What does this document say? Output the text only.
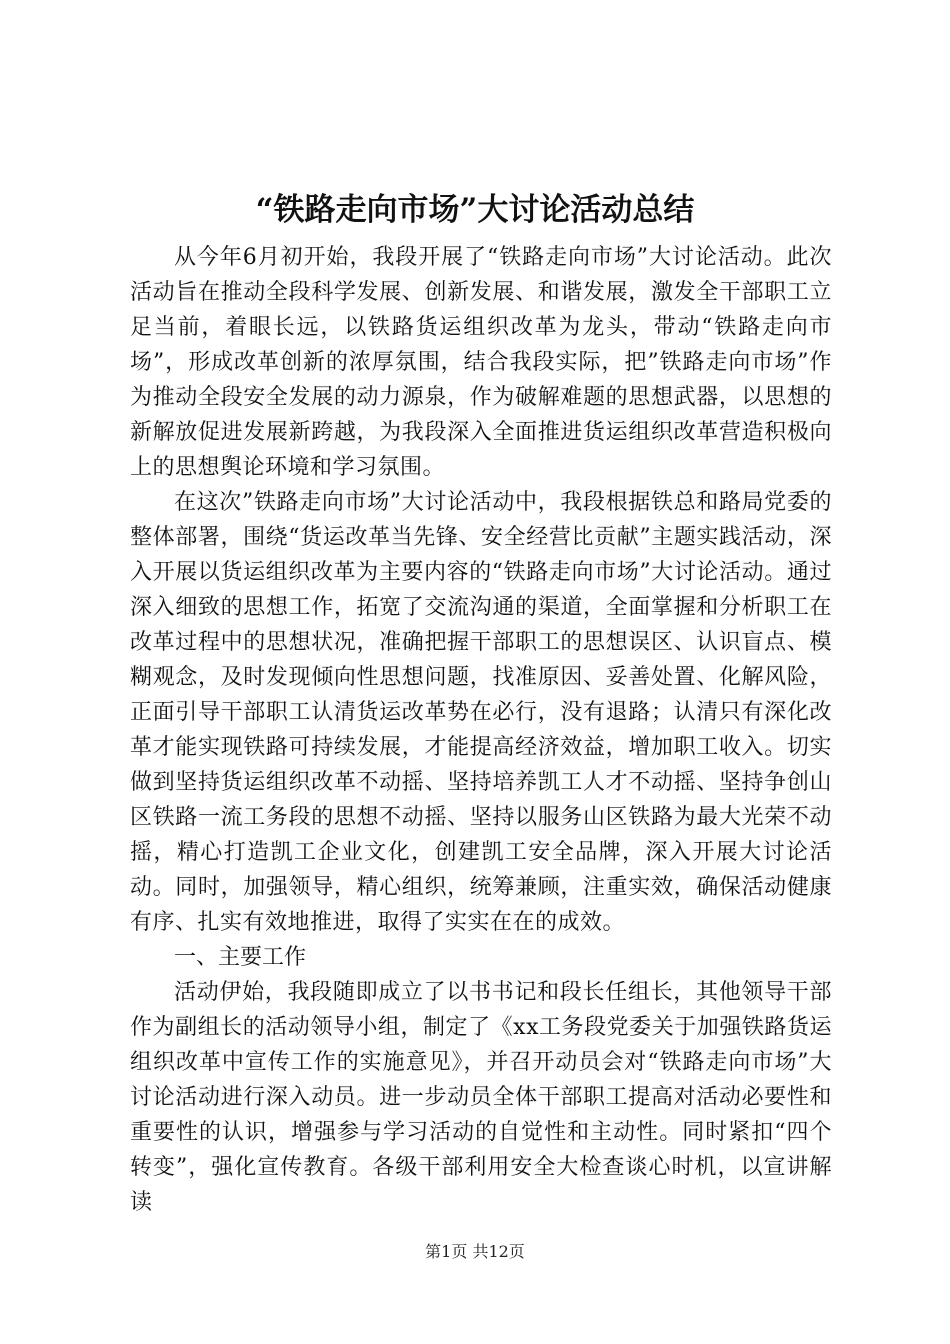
“铁路走向市场”大讨论活动总结

从今年6月初开始，我段开展了“铁路走向市场”大讨论活动。此次活动旨在推动全段科学发展、创新发展、和谐发展，激发全干部职工立足当前，着眼长远，以铁路货运组织改革为龙头，带动“铁路走向市场”，形成改革创新的浓厚氛围，结合我段实际，把”铁路走向市场”作为推动全段安全发展的动力源泉，作为破解难题的思想武器，以思想的新解放促进发展新跨越，为我段深入全面推进货运组织改革营造积极向上的思想舆论环境和学习氛围。

在这次”铁路走向市场”大讨论活动中，我段根据铁总和路局党委的整体部署，围绕“货运改革当先锋、安全经营比贡献”主题实践活动，深入开展以货运组织改革为主要内容的“铁路走向市场”大讨论活动。通过深入细致的思想工作，拓宽了交流沟通的渠道，全面掌握和分析职工在改革过程中的思想状况，准确把握干部职工的思想误区、认识盲点、模糊观念，及时发现倾向性思想问题，找准原因、妥善处置、化解风险，正面引导干部职工认清货运改革势在必行，没有退路；认清只有深化改革才能实现铁路可持续发展，才能提高经济效益，增加职工收入。切实做到坚持货运组织改革不动摇、坚持培养凯工人才不动摇、坚持争创山区铁路一流工务段的思想不动摇、坚持以服务山区铁路为最大光荣不动摇，精心打造凯工企业文化，创建凯工安全品牌，深入开展大讨论活动。同时，加强领导，精心组织，统筹兼顾，注重实效，确保活动健康有序、扎实有效地推进，取得了实实在在的成效。

一、主要工作

活动伊始，我段随即成立了以书书记和段长任组长，其他领导干部作为副组长的活动领导小组，制定了《xx工务段党委关于加强铁路货运组织改革中宣传工作的实施意见》，并召开动员会对“铁路走向市场”大讨论活动进行深入动员。进一步动员全体干部职工提高对活动必要性和重要性的认识，增强参与学习活动的自觉性和主动性。同时紧扣“四个转变”，强化宣传教育。各级干部利用安全大检查谈心时机，以宣讲解读

第1页 共12页
